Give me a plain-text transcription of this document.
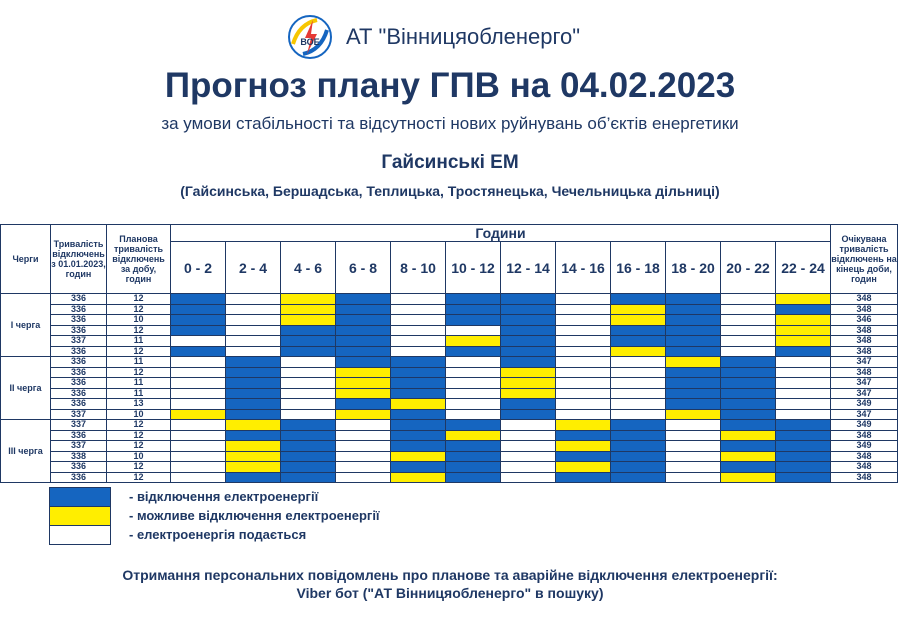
ВОЕ АТ "Вінницяобленерго"
Прогноз плану ГПВ на 04.02.2023
за умови стабільності та відсутності нових руйнувань об’єктів енергетики
Гайсинські ЕМ
(Гайсинська, Бершадська, Теплицька, Тростянецька, Чечельницька дільниці)
Черги	Тривалість відключень з 01.01.2023, годин	Планова тривалість відключень за добу, годин	Години												Очікувана тривалість відключень на кінець доби, годин
			0 - 2	2 - 4	4 - 6	6 - 8	8 - 10	10 - 12	12 - 14	14 - 16	16 - 18	18 - 20	20 - 22	22 - 24	
I черга	336	12													348
	336	12													348
	336	10													346
	336	12													348
	337	11													348
	336	12													348
II черга	336	11													347
	336	12													348
	336	11													347
	336	11													347
	336	13													349
	337	10													347
III черга	337	12													349
	336	12													348
	337	12													349
	338	10													348
	336	12													348
	336	12													348
- відключення електроенергії
- можливе відключення електроенергії
- електроенергія подається
Отримання персональних повідомлень про планове та аварійне відключення електроенергії:
Viber бот ("АТ Вінницяобленерго" в пошуку)
